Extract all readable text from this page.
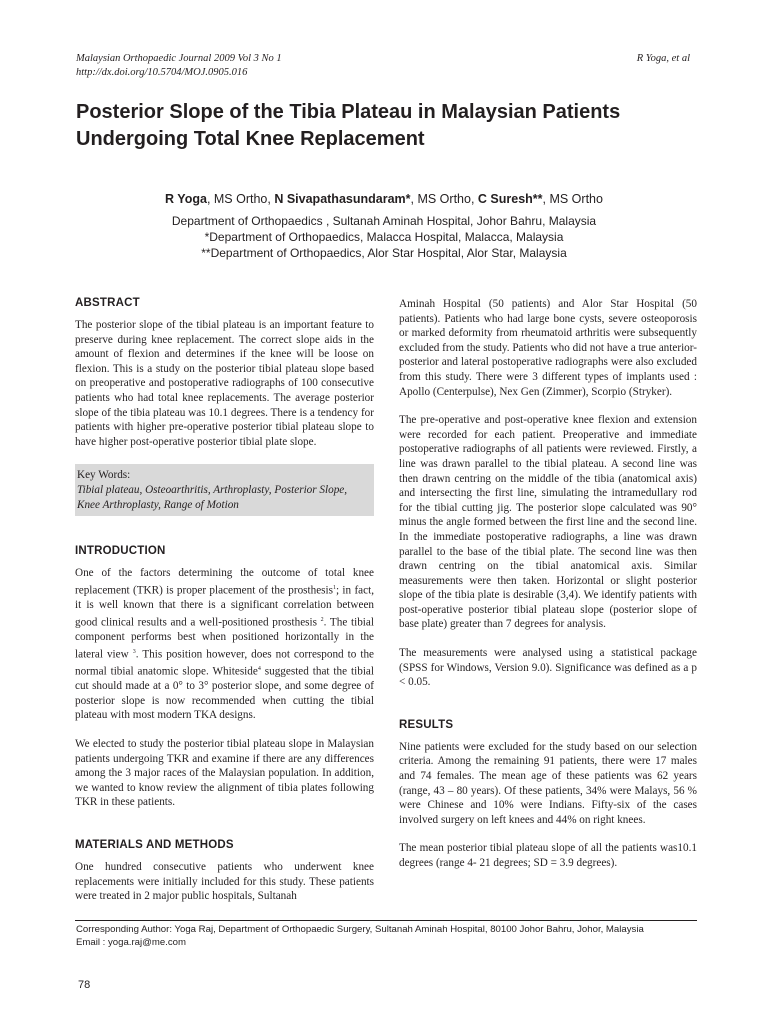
Malaysian Orthopaedic Journal 2009 Vol 3 No 1
http://dx.doi.org/10.5704/MOJ.0905.016
R Yoga, et al
Posterior Slope of the Tibia Plateau in Malaysian Patients Undergoing Total Knee Replacement
R Yoga, MS Ortho, N Sivapathasundaram*, MS Ortho, C Suresh**, MS Ortho
Department of Orthopaedics , Sultanah Aminah Hospital, Johor Bahru, Malaysia
*Department of Orthopaedics, Malacca Hospital, Malacca, Malaysia
**Department of Orthopaedics, Alor Star Hospital, Alor Star, Malaysia
ABSTRACT

The posterior slope of the tibial plateau is an important feature to preserve during knee replacement. The correct slope aids in the amount of flexion and determines if the knee will be loose on flexion. This is a study on the posterior tibial plateau slope based on preoperative and postoperative radiographs of 100 consecutive patients who had total knee replacements. The average posterior slope of the tibia plateau was 10.1 degrees. There is a tendency for patients with higher pre-operative posterior tibial plateau slope to have higher post-operative posterior tibial plate slope.

Key Words:
Tibial plateau, Osteoarthritis, Arthroplasty, Posterior Slope, Knee Arthroplasty, Range of Motion
INTRODUCTION

One of the factors determining the outcome of total knee replacement (TKR) is proper placement of the prosthesis$^1$; in fact, it is well known that there is a significant correlation between good clinical results and a well-positioned prosthesis $^2$. The tibial component performs best when positioned horizontally in the lateral view $^3$. This position however, does not correspond to the normal tibial anatomic slope. Whiteside$^4$ suggested that the tibial cut should made at a 0° to 3° posterior slope, and some degree of posterior slope is now recommended when cutting the tibial plateau with most modern TKA designs.

We elected to study the posterior tibial plateau slope in Malaysian patients undergoing TKR and examine if there are any differences among the 3 major races of the Malaysian population. In addition, we wanted to know review the alignment of tibia plates following TKR in these patients.

MATERIALS AND METHODS

One hundred consecutive patients who underwent knee replacements were initially included for this study. These patients were treated in 2 major public hospitals, Sultanah

Aminah Hospital (50 patients) and Alor Star Hospital (50 patients). Patients who had large bone cysts, severe osteoporosis or marked deformity from rheumatoid arthritis were subsequently excluded from the study. Patients who did not have a true anterior-posterior and lateral postoperative radiographs were also excluded from this study. There were 3 different types of implants used : Apollo (Centerpulse), Nex Gen (Zimmer), Scorpio (Stryker).

The pre-operative and post-operative knee flexion and extension were recorded for each patient. Preoperative and immediate postoperative radiographs of all patients were reviewed. Firstly, a line was drawn parallel to the tibial plateau. A second line was then drawn centring on the middle of the tibia (anatomical axis) and intersecting the first line, simulating the intramedullary rod for the tibial cutting jig. The posterior slope calculated was 90° minus the angle formed between the first line and the second line. In the immediate postoperative radiographs, a line was drawn parallel to the base of the tibial plate. The second line was then drawn centring on the tibial anatomical axis. Similar measurements were then taken. Horizontal or slight posterior slope of the tibia plate is desirable (3,4). We identify patients with post-operative posterior tibial plateau slope (posterior slope of base plate) greater than 7 degrees for analysis.

The measurements were analysed using a statistical package (SPSS for Windows, Version 9.0). Significance was defined as a p < 0.05.

RESULTS

Nine patients were excluded for the study based on our selection criteria. Among the remaining 91 patients, there were 17 males and 74 females. The mean age of these patients was 62 years (range, 43 – 80 years). Of these patients, 34% were Malays, 56 % were Chinese and 10% were Indians. Fifty-six of the cases involved surgery on left knees and 44% on right knees.

The mean posterior tibial plateau slope of all the patients was10.1 degrees (range 4- 21 degrees; SD = 3.9 degrees).

Corresponding Author: Yoga Raj, Department of Orthopaedic Surgery, Sultanah Aminah Hospital, 80100 Johor Bahru, Johor, Malaysia
Email : yoga.raj@me.com
78
